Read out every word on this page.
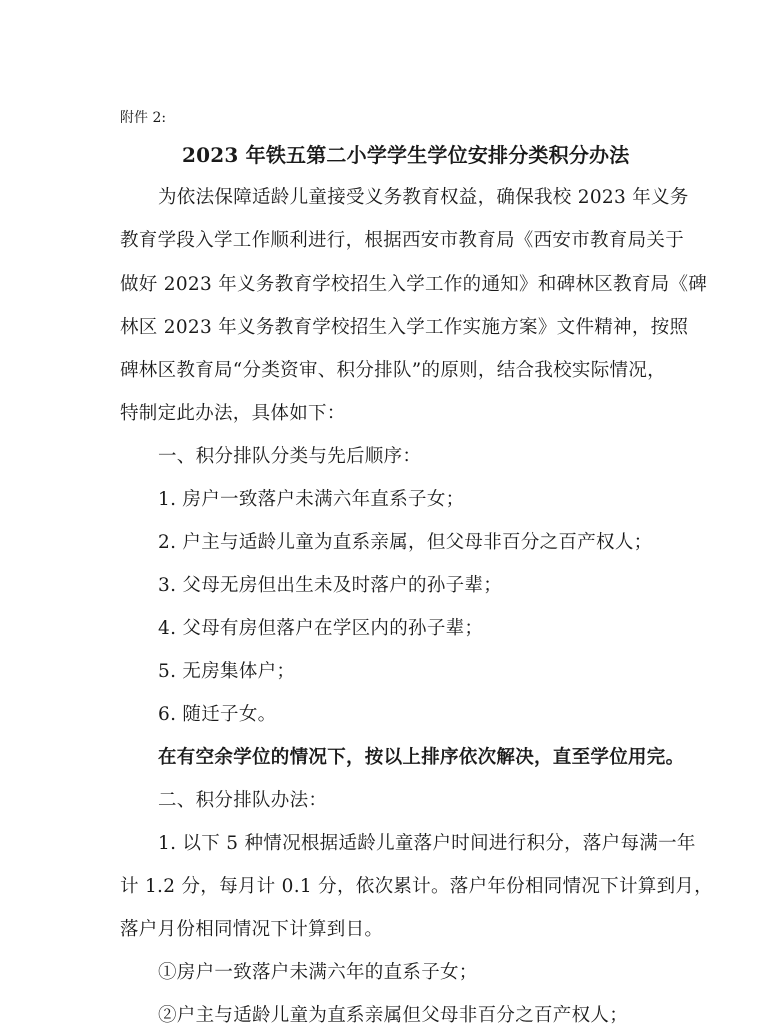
附件 2:
2023 年铁五第二小学学生学位安排分类积分办法
为依法保障适龄儿童接受义务教育权益，确保我校 2023 年义务
教育学段入学工作顺利进行，根据西安市教育局《西安市教育局关于
做好 2023 年义务教育学校招生入学工作的通知》和碑林区教育局《碑
林区 2023 年义务教育学校招生入学工作实施方案》文件精神，按照
碑林区教育局“分类资审、积分排队”的原则，结合我校实际情况，
特制定此办法，具体如下：
一、积分排队分类与先后顺序：
1. 房户一致落户未满六年直系子女；
2. 户主与适龄儿童为直系亲属，但父母非百分之百产权人；
3. 父母无房但出生未及时落户的孙子辈；
4. 父母有房但落户在学区内的孙子辈；
5. 无房集体户；
6. 随迁子女。
在有空余学位的情况下，按以上排序依次解决，直至学位用完。
二、积分排队办法：
1. 以下 5 种情况根据适龄儿童落户时间进行积分，落户每满一年
计 1.2 分，每月计 0.1 分，依次累计。落户年份相同情况下计算到月，
落户月份相同情况下计算到日。
①房户一致落户未满六年的直系子女；
②户主与适龄儿童为直系亲属但父母非百分之百产权人；
